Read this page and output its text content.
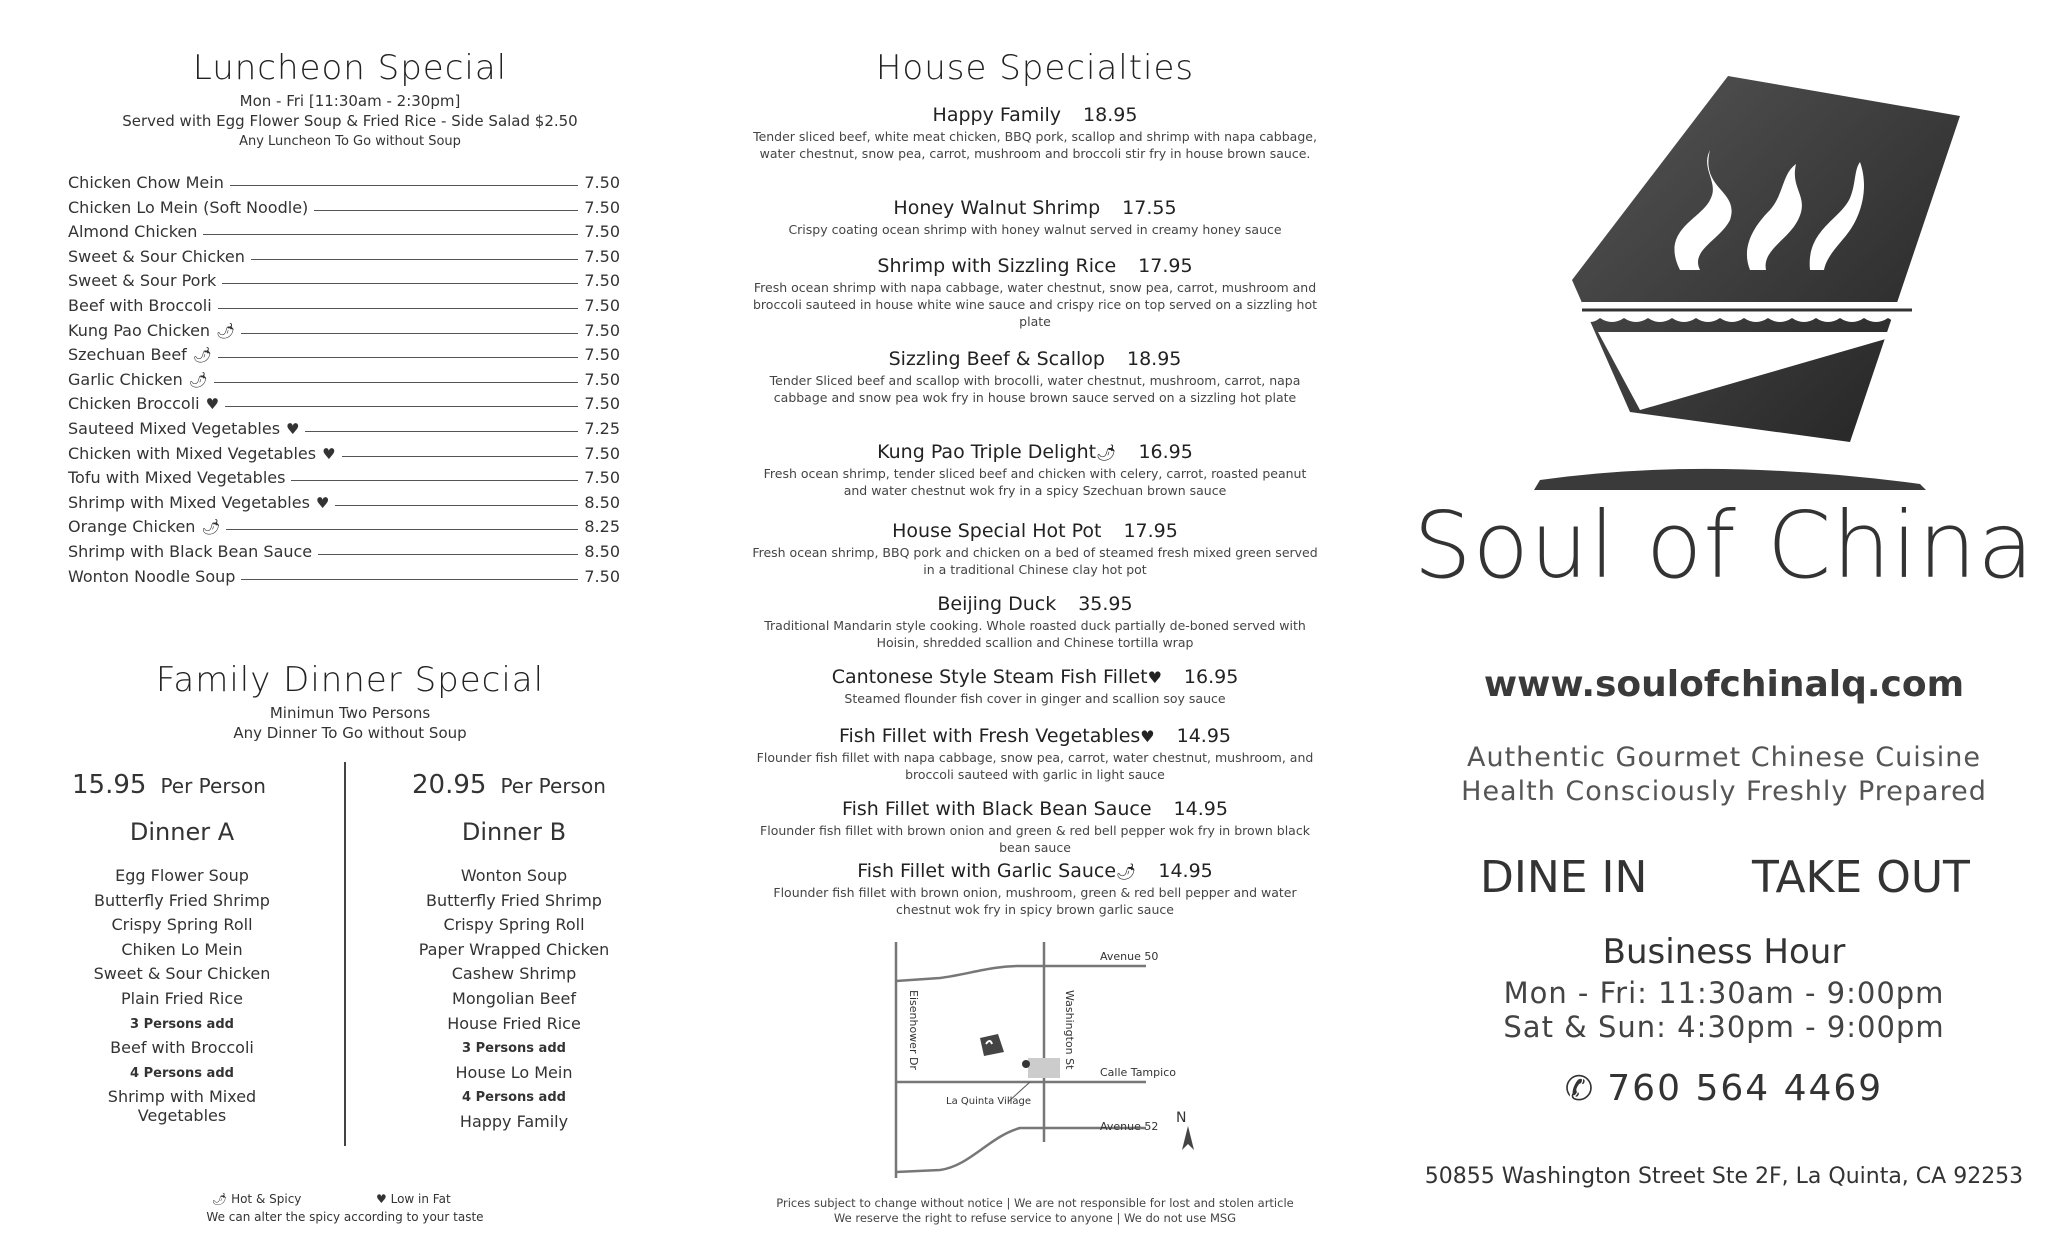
Luncheon Special
Mon - Fri [11:30am - 2:30pm]
Served with Egg Flower Soup & Fried Rice - Side Salad $2.50
Any Luncheon To Go without Soup
Chicken Chow Mein	7.50
Chicken Lo Mein (Soft Noodle)	7.50
Almond Chicken	7.50
Sweet & Sour Chicken	7.50
Sweet & Sour Pork	7.50
Beef with Broccoli	7.50
Kung Pao Chicken 🌶	7.50
Szechuan Beef 🌶	7.50
Garlic Chicken 🌶	7.50
Chicken Broccoli ♥	7.50
Sauteed Mixed Vegetables ♥	7.25
Chicken with Mixed Vegetables ♥	7.50
Tofu with Mixed Vegetables	7.50
Shrimp with Mixed Vegetables ♥	8.50
Orange Chicken 🌶	8.25
Shrimp with Black Bean Sauce	8.50
Wonton Noodle Soup	7.50
Family Dinner Special
Minimun Two Persons
Any Dinner To Go without Soup
15.95 Per Person	20.95 Per Person
Dinner A	Dinner B
Egg Flower Soup
Butterfly Fried Shrimp
Crispy Spring Roll
Chiken Lo Mein
Sweet & Sour Chicken
Plain Fried Rice
3 Persons add
Beef with Broccoli
4 Persons add
Shrimp with Mixed Vegetables
Wonton Soup
Butterfly Fried Shrimp
Crispy Spring Roll
Paper Wrapped Chicken
Cashew Shrimp
Mongolian Beef
House Fried Rice
3 Persons add
House Lo Mein
4 Persons add
Happy Family
🌶 Hot & Spicy	♥ Low in Fat
We can alter the spicy according to your taste
House Specialties
Happy Family 18.95
Tender sliced beef, white meat chicken, BBQ pork, scallop and shrimp with napa cabbage, water chestnut, snow pea, carrot, mushroom and broccoli stir fry in house brown sauce.
Honey Walnut Shrimp 17.55
Crispy coating ocean shrimp with honey walnut served in creamy honey sauce
Shrimp with Sizzling Rice 17.95
Fresh ocean shrimp with napa cabbage, water chestnut, snow pea, carrot, mushroom and broccoli sauteed in house white wine sauce and crispy rice on top served on a sizzling hot plate
Sizzling Beef & Scallop 18.95
Tender Sliced beef and scallop with brocolli, water chestnut, mushroom, carrot, napa cabbage and snow pea wok fry in house brown sauce served on a sizzling hot plate
Kung Pao Triple Delight🌶 16.95
Fresh ocean shrimp, tender sliced beef and chicken with celery, carrot, roasted peanut and water chestnut wok fry in a spicy Szechuan brown sauce
House Special Hot Pot 17.95
Fresh ocean shrimp, BBQ pork and chicken on a bed of steamed fresh mixed green served in a traditional Chinese clay hot pot
Beijing Duck 35.95
Traditional Mandarin style cooking. Whole roasted duck partially de-boned served with Hoisin, shredded scallion and Chinese tortilla wrap
Cantonese Style Steam Fish Fillet♥ 16.95
Steamed flounder fish cover in ginger and scallion soy sauce
Fish Fillet with Fresh Vegetables♥ 14.95
Flounder fish fillet with napa cabbage, snow pea, carrot, water chestnut, mushroom, and broccoli sauteed with garlic in light sauce
Fish Fillet with Black Bean Sauce 14.95
Flounder fish fillet with brown onion and green & red bell pepper wok fry in brown black bean sauce
Fish Fillet with Garlic Sauce🌶 14.95
Flounder fish fillet with brown onion, mushroom, green & red bell pepper and water chestnut wok fry in spicy brown garlic sauce
Avenue 50
Calle Tampico
Avenue 52
La Quinta Village
Eisenhower Dr	Washington St
N
Prices subject to change without notice | We are not responsible for lost and stolen article
We reserve the right to refuse service to anyone | We do not use MSG
Soul of China
www.soulofchinalq.com
Authentic Gourmet Chinese Cuisine
Health Consciously Freshly Prepared
DINE IN TAKE OUT
Business Hour
Mon - Fri: 11:30am - 9:00pm
Sat & Sun: 4:30pm - 9:00pm
✆ 760 564 4469
50855 Washington Street Ste 2F, La Quinta, CA 92253
